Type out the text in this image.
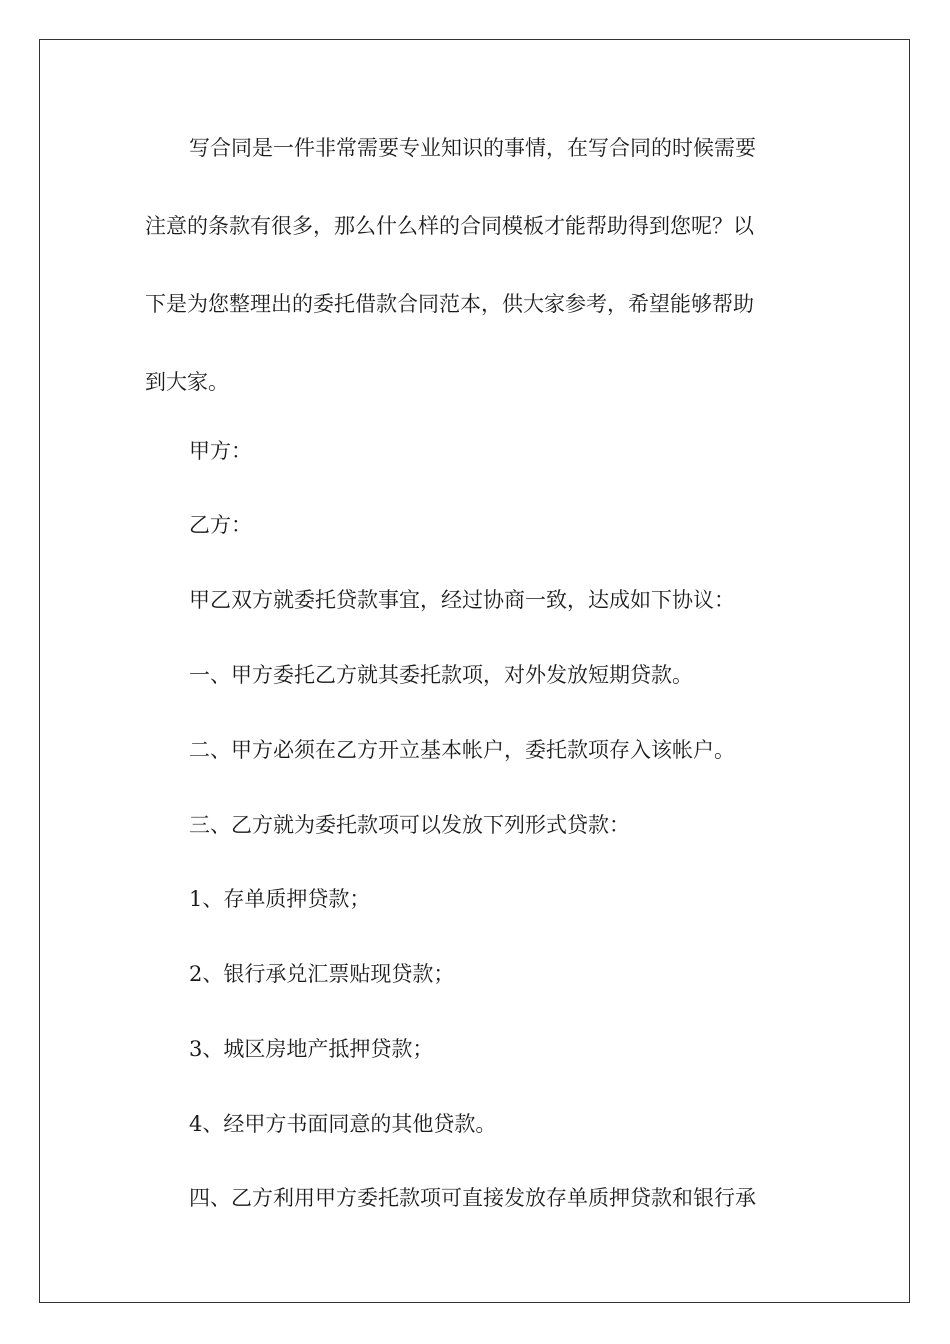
写合同是一件非常需要专业知识的事情，在写合同的时候需要
注意的条款有很多，那么什么样的合同模板才能帮助得到您呢？以
下是为您整理出的委托借款合同范本，供大家参考，希望能够帮助
到大家。
甲方：
乙方：
甲乙双方就委托贷款事宜，经过协商一致，达成如下协议：
一、甲方委托乙方就其委托款项，对外发放短期贷款。
二、甲方必须在乙方开立基本帐户，委托款项存入该帐户。
三、乙方就为委托款项可以发放下列形式贷款：
1、存单质押贷款；
2、银行承兑汇票贴现贷款；
3、城区房地产抵押贷款；
4、经甲方书面同意的其他贷款。
四、乙方利用甲方委托款项可直接发放存单质押贷款和银行承
